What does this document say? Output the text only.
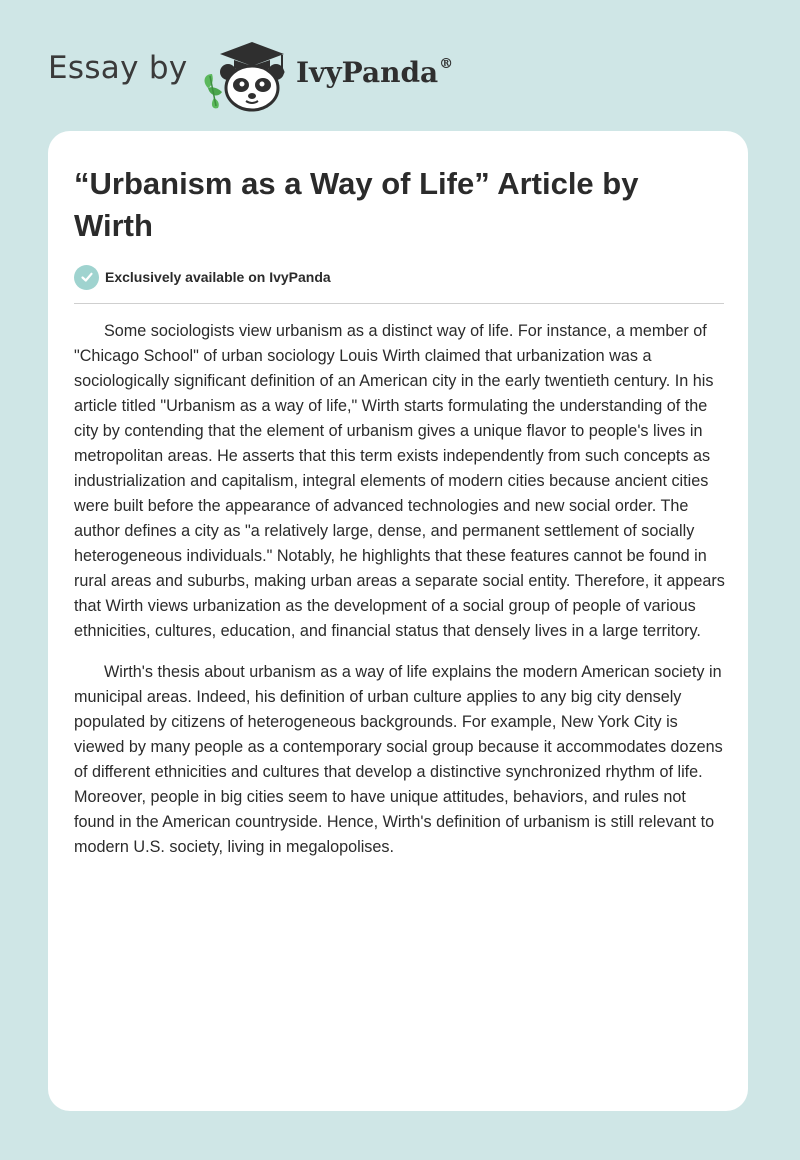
Essay by	IvyPanda®
“Urbanism as a Way of Life” Article by Wirth
Exclusively available on IvyPanda

Some sociologists view urbanism as a distinct way of life. For instance, a member of "Chicago School" of urban sociology Louis Wirth claimed that urbanization was a sociologically significant definition of an American city in the early twentieth century. In his article titled "Urbanism as a way of life," Wirth starts formulating the understanding of the city by contending that the element of urbanism gives a unique flavor to people's lives in metropolitan areas. He asserts that this term exists independently from such concepts as industrialization and capitalism, integral elements of modern cities because ancient cities were built before the appearance of advanced technologies and new social order. The author defines a city as "a relatively large, dense, and permanent settlement of socially heterogeneous individuals." Notably, he highlights that these features cannot be found in rural areas and suburbs, making urban areas a separate social entity. Therefore, it appears that Wirth views urbanization as the development of a social group of people of various ethnicities, cultures, education, and financial status that densely lives in a large territory.

Wirth's thesis about urbanism as a way of life explains the modern American society in municipal areas. Indeed, his definition of urban culture applies to any big city densely populated by citizens of heterogeneous backgrounds. For example, New York City is viewed by many people as a contemporary social group because it accommodates dozens of different ethnicities and cultures that develop a distinctive synchronized rhythm of life. Moreover, people in big cities seem to have unique attitudes, behaviors, and rules not found in the American countryside. Hence, Wirth's definition of urbanism is still relevant to modern U.S. society, living in megalopolises.
